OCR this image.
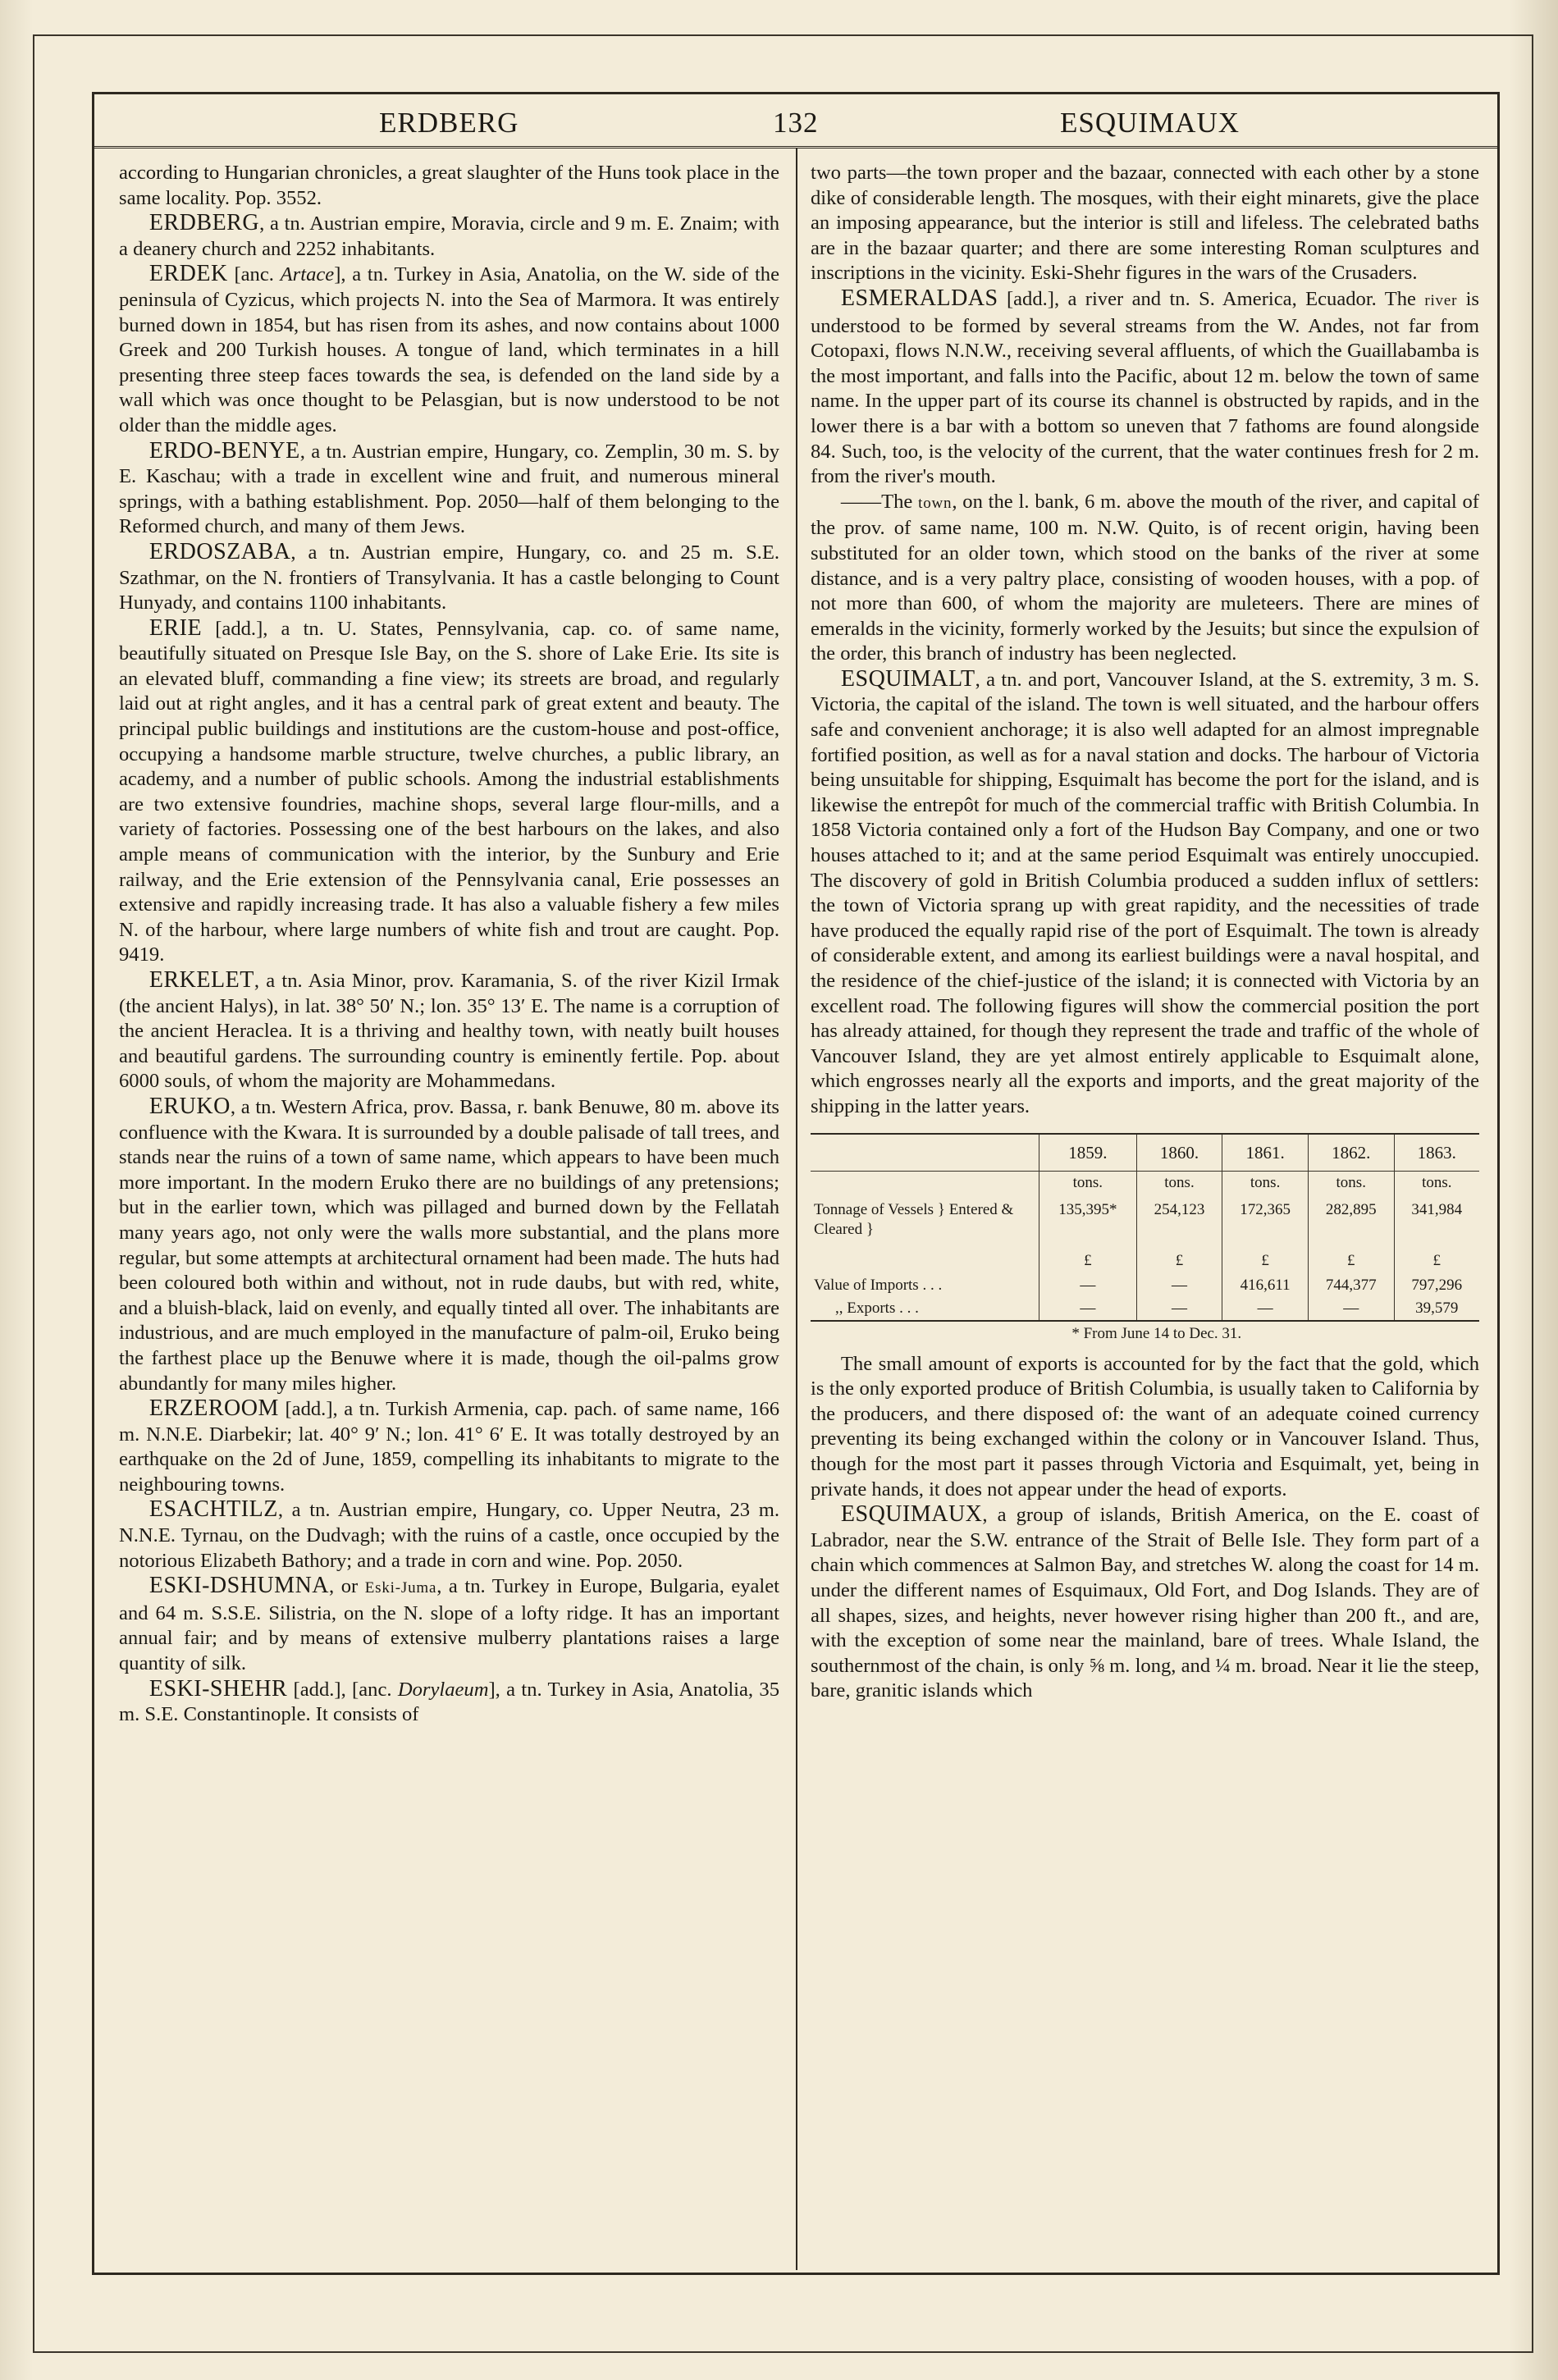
ERDBERG	132	ESQUIMAUX

according to Hungarian chronicles, a great slaughter of the Huns took place in the same locality. Pop. 3552.

ERDBERG, a tn. Austrian empire, Moravia, circle and 9 m. E. Znaim; with a deanery church and 2252 inhabitants.

ERDEK [anc. Artace], a tn. Turkey in Asia, Anatolia, on the W. side of the peninsula of Cyzicus, which projects N. into the Sea of Marmora. It was entirely burned down in 1854, but has risen from its ashes, and now contains about 1000 Greek and 200 Turkish houses. A tongue of land, which terminates in a hill presenting three steep faces towards the sea, is defended on the land side by a wall which was once thought to be Pelasgian, but is now understood to be not older than the middle ages.

ERDO-BENYE, a tn. Austrian empire, Hungary, co. Zemplin, 30 m. S. by E. Kaschau; with a trade in excellent wine and fruit, and numerous mineral springs, with a bathing establishment. Pop. 2050—half of them belonging to the Reformed church, and many of them Jews.

ERDOSZABA, a tn. Austrian empire, Hungary, co. and 25 m. S.E. Szathmar, on the N. frontiers of Transylvania. It has a castle belonging to Count Hunyady, and contains 1100 inhabitants.

ERIE [add.], a tn. U. States, Pennsylvania, cap. co. of same name, beautifully situated on Presque Isle Bay, on the S. shore of Lake Erie. Its site is an elevated bluff, commanding a fine view; its streets are broad, and regularly laid out at right angles, and it has a central park of great extent and beauty. The principal public buildings and institutions are the custom-house and post-office, occupying a handsome marble structure, twelve churches, a public library, an academy, and a number of public schools. Among the industrial establishments are two extensive foundries, machine shops, several large flour-mills, and a variety of factories. Possessing one of the best harbours on the lakes, and also ample means of communication with the interior, by the Sunbury and Erie railway, and the Erie extension of the Pennsylvania canal, Erie possesses an extensive and rapidly increasing trade. It has also a valuable fishery a few miles N. of the harbour, where large numbers of white fish and trout are caught. Pop. 9419.

ERKELET, a tn. Asia Minor, prov. Karamania, S. of the river Kizil Irmak (the ancient Halys), in lat. 38° 50′ N.; lon. 35° 13′ E. The name is a corruption of the ancient Heraclea. It is a thriving and healthy town, with neatly built houses and beautiful gardens. The surrounding country is eminently fertile. Pop. about 6000 souls, of whom the majority are Mohammedans.

ERUKO, a tn. Western Africa, prov. Bassa, r. bank Benuwe, 80 m. above its confluence with the Kwara. It is surrounded by a double palisade of tall trees, and stands near the ruins of a town of same name, which appears to have been much more important. In the modern Eruko there are no buildings of any pretensions; but in the earlier town, which was pillaged and burned down by the Fellatah many years ago, not only were the walls more substantial, and the plans more regular, but some attempts at architectural ornament had been made. The huts had been coloured both within and without, not in rude daubs, but with red, white, and a bluish-black, laid on evenly, and equally tinted all over. The inhabitants are industrious, and are much employed in the manufacture of palm-oil, Eruko being the farthest place up the Benuwe where it is made, though the oil-palms grow abundantly for many miles higher.

ERZEROOM [add.], a tn. Turkish Armenia, cap. pach. of same name, 166 m. N.N.E. Diarbekir; lat. 40° 9′ N.; lon. 41° 6′ E. It was totally destroyed by an earthquake on the 2d of June, 1859, compelling its inhabitants to migrate to the neighbouring towns.

ESACHTILZ, a tn. Austrian empire, Hungary, co. Upper Neutra, 23 m. N.N.E. Tyrnau, on the Dudvagh; with the ruins of a castle, once occupied by the notorious Elizabeth Bathory; and a trade in corn and wine. Pop. 2050.

ESKI-DSHUMNA, or Eski-Juma, a tn. Turkey in Europe, Bulgaria, eyalet and 64 m. S.S.E. Silistria, on the N. slope of a lofty ridge. It has an important annual fair; and by means of extensive mulberry plantations raises a large quantity of silk.

ESKI-SHEHR [add.], [anc. Dorylaeum], a tn. Turkey in Asia, Anatolia, 35 m. S.E. Constantinople. It consists of

two parts—the town proper and the bazaar, connected with each other by a stone dike of considerable length. The mosques, with their eight minarets, give the place an imposing appearance, but the interior is still and lifeless. The celebrated baths are in the bazaar quarter; and there are some interesting Roman sculptures and inscriptions in the vicinity. Eski-Shehr figures in the wars of the Crusaders.

ESMERALDAS [add.], a river and tn. S. America, Ecuador. The river is understood to be formed by several streams from the W. Andes, not far from Cotopaxi, flows N.N.W., receiving several affluents, of which the Guaillabamba is the most important, and falls into the Pacific, about 12 m. below the town of same name. In the upper part of its course its channel is obstructed by rapids, and in the lower there is a bar with a bottom so uneven that 7 fathoms are found alongside 84. Such, too, is the velocity of the current, that the water continues fresh for 2 m. from the river's mouth.

——The town, on the l. bank, 6 m. above the mouth of the river, and capital of the prov. of same name, 100 m. N.W. Quito, is of recent origin, having been substituted for an older town, which stood on the banks of the river at some distance, and is a very paltry place, consisting of wooden houses, with a pop. of not more than 600, of whom the majority are muleteers. There are mines of emeralds in the vicinity, formerly worked by the Jesuits; but since the expulsion of the order, this branch of industry has been neglected.

ESQUIMALT, a tn. and port, Vancouver Island, at the S. extremity, 3 m. S. Victoria, the capital of the island. The town is well situated, and the harbour offers safe and convenient anchorage; it is also well adapted for an almost impregnable fortified position, as well as for a naval station and docks. The harbour of Victoria being unsuitable for shipping, Esquimalt has become the port for the island, and is likewise the entrepôt for much of the commercial traffic with British Columbia. In 1858 Victoria contained only a fort of the Hudson Bay Company, and one or two houses attached to it; and at the same period Esquimalt was entirely unoccupied. The discovery of gold in British Columbia produced a sudden influx of settlers: the town of Victoria sprang up with great rapidity, and the necessities of trade have produced the equally rapid rise of the port of Esquimalt. The town is already of considerable extent, and among its earliest buildings were a naval hospital, and the residence of the chief-justice of the island; it is connected with Victoria by an excellent road. The following figures will show the commercial position the port has already attained, for though they represent the trade and traffic of the whole of Vancouver Island, they are yet almost entirely applicable to Esquimalt alone, which engrosses nearly all the exports and imports, and the great majority of the shipping in the latter years.

	1859.	1860.	1861.	1862.	1863.
	tons.	tons.	tons.	tons.	tons.
Tonnage of Vessels } Entered & Cleared }	135,395*	254,123	172,365	282,895	341,984
	£	£	£	£	£
Value of Imports . . .	—	—	416,611	744,377	797,296
,, Exports . . .	—	—	—	—	39,579

* From June 14 to Dec. 31.

The small amount of exports is accounted for by the fact that the gold, which is the only exported produce of British Columbia, is usually taken to California by the producers, and there disposed of: the want of an adequate coined currency preventing its being exchanged within the colony or in Vancouver Island. Thus, though for the most part it passes through Victoria and Esquimalt, yet, being in private hands, it does not appear under the head of exports.

ESQUIMAUX, a group of islands, British America, on the E. coast of Labrador, near the S.W. entrance of the Strait of Belle Isle. They form part of a chain which commences at Salmon Bay, and stretches W. along the coast for 14 m. under the different names of Esquimaux, Old Fort, and Dog Islands. They are of all shapes, sizes, and heights, never however rising higher than 200 ft., and are, with the exception of some near the mainland, bare of trees. Whale Island, the southernmost of the chain, is only ⅝ m. long, and ¼ m. broad. Near it lie the steep, bare, granitic islands which
